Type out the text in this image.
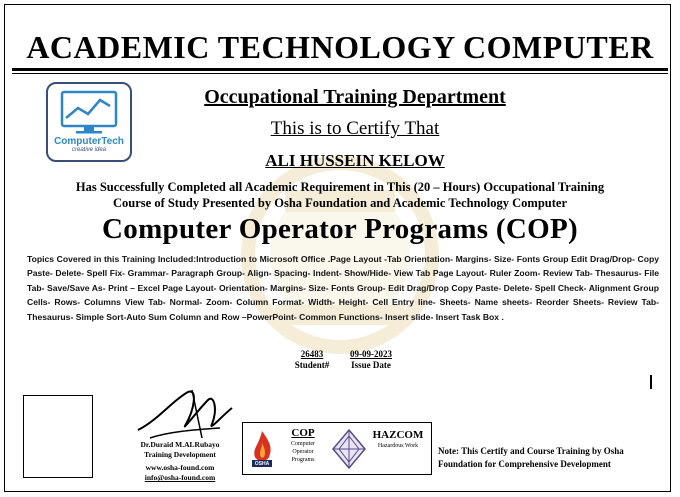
ACADEMIC TECHNOLOGY COMPUTER
ComputerTech
creative idea
Occupational Training Department
This is to Certify That
ALI HUSSEIN KELOW
Has Successfully Completed all Academic Requirement in This (20 – Hours) Occupational Training
Course of Study Presented by Osha Foundation and Academic Technology Computer
Computer Operator Programs (COP)
Topics Covered in this Training Included:Introduction to Microsoft Office .Page Layout -Tab Orientation- Margins- Size- Fonts Group Edit Drag/Drop- Copy Paste- Delete- Spell Fix- Grammar- Paragraph Group- Align- Spacing- Indent- Show/Hide- View Tab Page Layout- Ruler Zoom- Review Tab- Thesaurus- File Tab- Save/Save As- Print – Excel Page Layout- Orientation- Margins- Size- Fonts Group- Edit Drag/Drop Copy Paste- Delete- Spell Check- Alignment Group Cells- Rows- Columns View Tab- Normal- Zoom- Column Format- Width- Height- Cell Entry line- Sheets- Name sheets- Reorder Sheets- Review Tab- Thesaurus- Simple Sort-Auto Sum Column and Row –PowerPoint- Common Functions- Insert slide- Insert Task Box .
26483
Student#
09-09-2023
Issue Date
Dr.Duraid M.ALRubayo
Training Development
www.osha-found.com
info@osha-found.com
OSHA
COP
Computer
Operator
Programs
HAZCOM
Hazardous Work	Note: This Certify and Course Training by Osha Foundation for Comprehensive Development
